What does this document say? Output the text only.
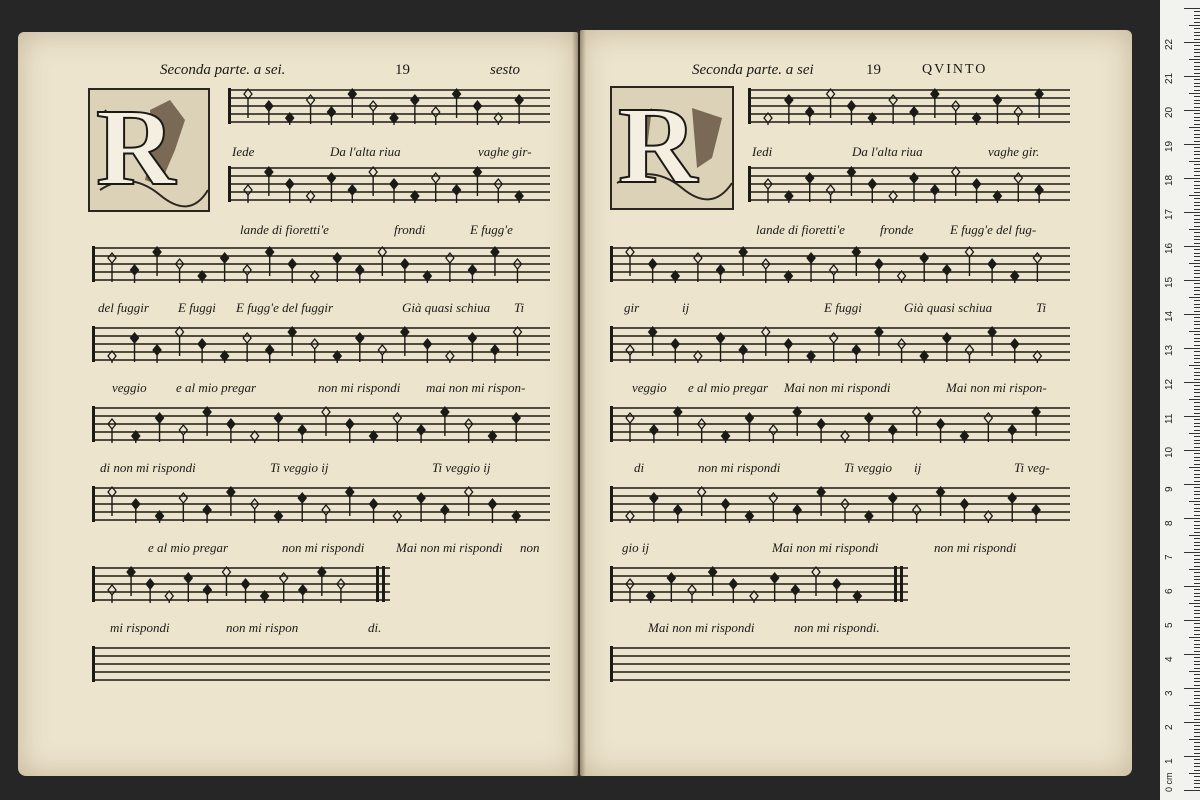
Seconda parte. a sei.	19	sesto	Seconda parte. a sei	19	QVINTO
R	R
Iede	Da l'alta riua	vaghe gir-
lande di fioretti'e	frondi	E fugg'e
del fuggir E fuggi E fugg'e del fuggir	Già quasi schiua Ti
veggio e al mio pregar	non mi rispondi mai non mi rispon-
di non mi rispondi	Ti veggio ij	Ti veggio ij
e al mio pregar	non mi rispondi Mai non mi rispondi non
mi rispondi	non mi rispon	di.
Iedi	Da l'alta riua	vaghe gir.
lande di fioretti'e	fronde	E fugg'e del fug-
gir	ij	E fuggi	Già quasi schiua	Ti
veggio e al mio pregar Mai non mi rispondi	Mai non mi rispon-
di	non mi rispondi	Ti veggio ij	Ti veg-
gio ij	Mai non mi rispondi	non mi rispondi
Mai non mi rispondi	non mi rispondi.
1
2
3
4
5
6
7
8
9
10
11
12
13
14
15
16
17
18
19
20
21
22
0 cm
